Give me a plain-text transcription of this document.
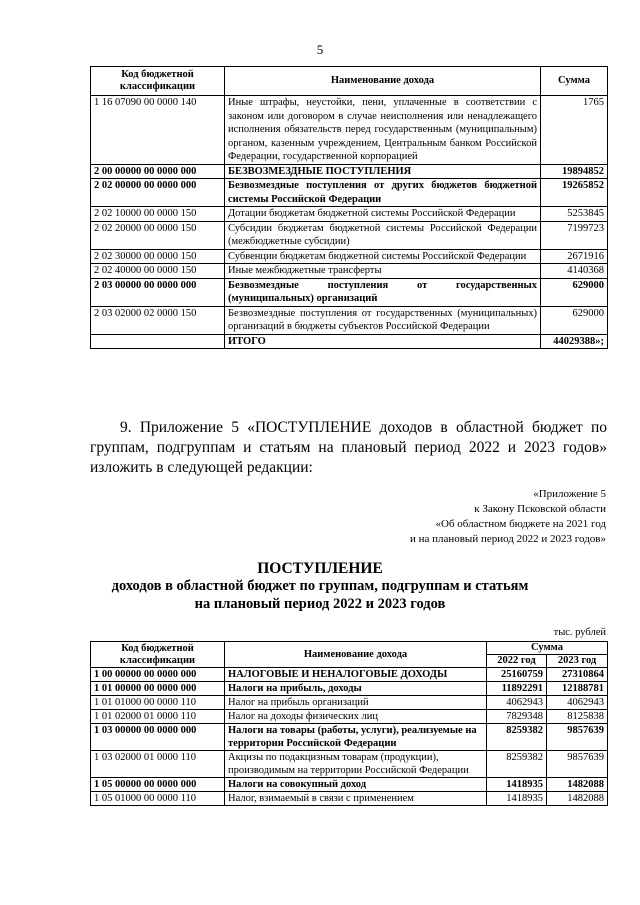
5
Код бюджетной классификации	Наименование дохода	Сумма
1 16 07090 00 0000 140	Иные штрафы, неустойки, пени, уплаченные в соответствии с законом или договором в случае неисполнения или ненадлежащего исполнения обязательств перед государственным (муниципальным) органом, казенным учреждением, Центральным банком Российской Федерации, государственной корпорацией	1765
2 00 00000 00 0000 000	БЕЗВОЗМЕЗДНЫЕ ПОСТУПЛЕНИЯ	19894852
2 02 00000 00 0000 000	Безвозмездные поступления от других бюджетов бюджетной системы Российской Федерации	19265852
2 02 10000 00 0000 150	Дотации бюджетам бюджетной системы Российской Федерации	5253845
2 02 20000 00 0000 150	Субсидии бюджетам бюджетной системы Российской Федерации (межбюджетные субсидии)	7199723
2 02 30000 00 0000 150	Субвенции бюджетам бюджетной системы Российской Федерации	2671916
2 02 40000 00 0000 150	Иные межбюджетные трансферты	4140368
2 03 00000 00 0000 000	Безвозмездные поступления от государственных (муниципальных) организаций	629000
2 03 02000 02 0000 150	Безвозмездные поступления от государственных (муниципальных) организаций в бюджеты субъектов Российской Федерации	629000
	ИТОГО	44029388»;
9. Приложение 5 «ПОСТУПЛЕНИЕ доходов в областной бюджет по группам, подгруппам и статьям на плановый период 2022 и 2023 годов» изложить в следующей редакции:
«Приложение 5
к Закону Псковской области
«Об областном бюджете на 2021 год
и на плановый период 2022 и 2023 годов»
ПОСТУПЛЕНИЕ
доходов в областной бюджет по группам, подгруппам и статьям
на плановый период 2022 и 2023 годов
тыс. рублей
Код бюджетной классификации	Наименование дохода	Сумма	
		2022 год	2023 год
1 00 00000 00 0000 000	НАЛОГОВЫЕ И НЕНАЛОГОВЫЕ ДОХОДЫ	25160759	27310864
1 01 00000 00 0000 000	Налоги на прибыль, доходы	11892291	12188781
1 01 01000 00 0000 110	Налог на прибыль организаций	4062943	4062943
1 01 02000 01 0000 110	Налог на доходы физических лиц	7829348	8125838
1 03 00000 00 0000 000	Налоги на товары (работы, услуги), реализуемые на территории Российской Федерации	8259382	9857639
1 03 02000 01 0000 110	Акцизы по подакцизным товарам (продукции), производимым на территории Российской Федерации	8259382	9857639
1 05 00000 00 0000 000	Налоги на совокупный доход	1418935	1482088
1 05 01000 00 0000 110	Налог, взимаемый в связи с применением	1418935	1482088
